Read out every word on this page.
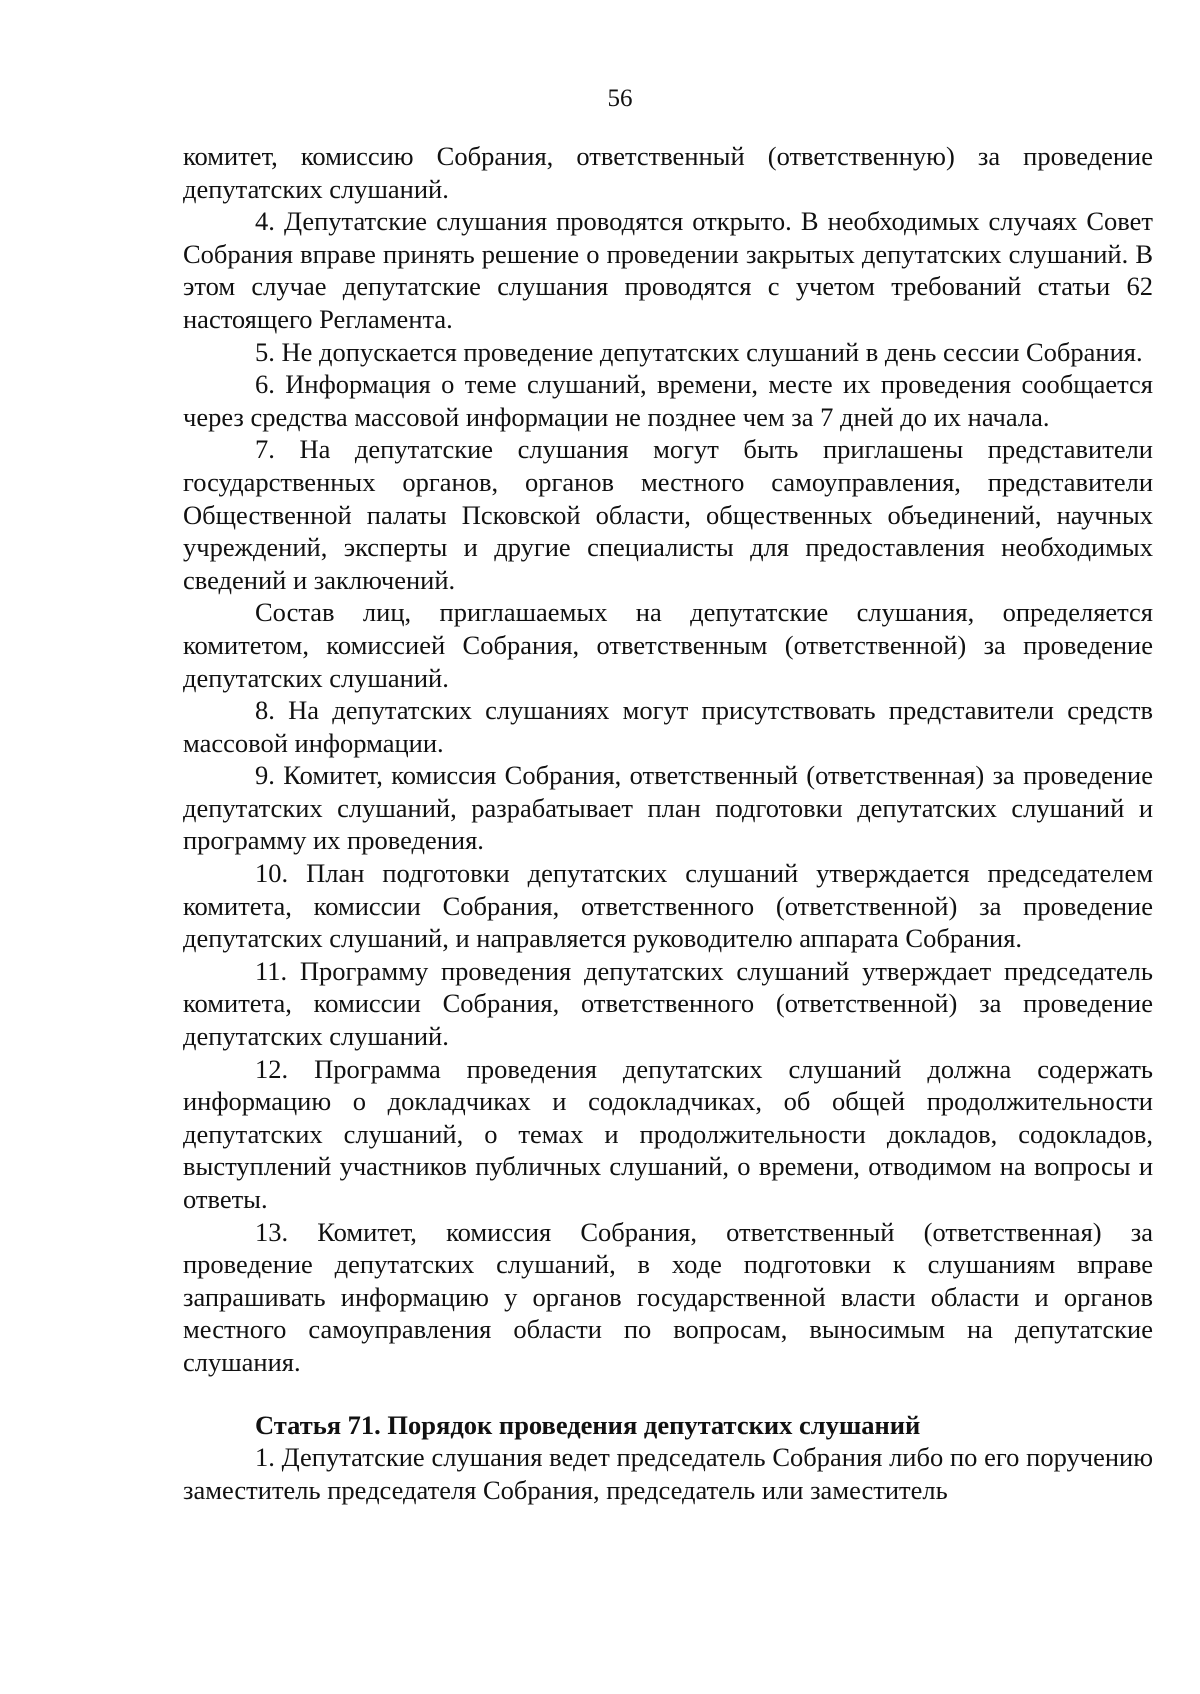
56

комитет, комиссию Собрания, ответственный (ответственную) за проведение депутатских слушаний.

4. Депутатские слушания проводятся открыто. В необходимых случаях Совет Собрания вправе принять решение о проведении закрытых депутатских слушаний. В этом случае депутатские слушания проводятся с учетом требований статьи 62 настоящего Регламента.

5. Не допускается проведение депутатских слушаний в день сессии Собрания.

6. Информация о теме слушаний, времени, месте их проведения сообщается через средства массовой информации не позднее чем за 7 дней до их начала.

7. На депутатские слушания могут быть приглашены представители государственных органов, органов местного самоуправления, представители Общественной палаты Псковской области, общественных объединений, научных учреждений, эксперты и другие специалисты для предоставления необходимых сведений и заключений.

Состав лиц, приглашаемых на депутатские слушания, определяется комитетом, комиссией Собрания, ответственным (ответственной) за проведение депутатских слушаний.

8. На депутатских слушаниях могут присутствовать представители средств массовой информации.

9. Комитет, комиссия Собрания, ответственный (ответственная) за проведение депутатских слушаний, разрабатывает план подготовки депутатских слушаний и программу их проведения.

10. План подготовки депутатских слушаний утверждается председателем комитета, комиссии Собрания, ответственного (ответственной) за проведение депутатских слушаний, и направляется руководителю аппарата Собрания.

11. Программу проведения депутатских слушаний утверждает председатель комитета, комиссии Собрания, ответственного (ответственной) за проведение депутатских слушаний.

12. Программа проведения депутатских слушаний должна содержать информацию о докладчиках и содокладчиках, об общей продолжительности депутатских слушаний, о темах и продолжительности докладов, содокладов, выступлений участников публичных слушаний, о времени, отводимом на вопросы и ответы.

13. Комитет, комиссия Собрания, ответственный (ответственная) за проведение депутатских слушаний, в ходе подготовки к слушаниям вправе запрашивать информацию у органов государственной власти области и органов местного самоуправления области по вопросам, выносимым на депутатские слушания.

Статья 71. Порядок проведения депутатских слушаний

1. Депутатские слушания ведет председатель Собрания либо по его поручению заместитель председателя Собрания, председатель или заместитель
